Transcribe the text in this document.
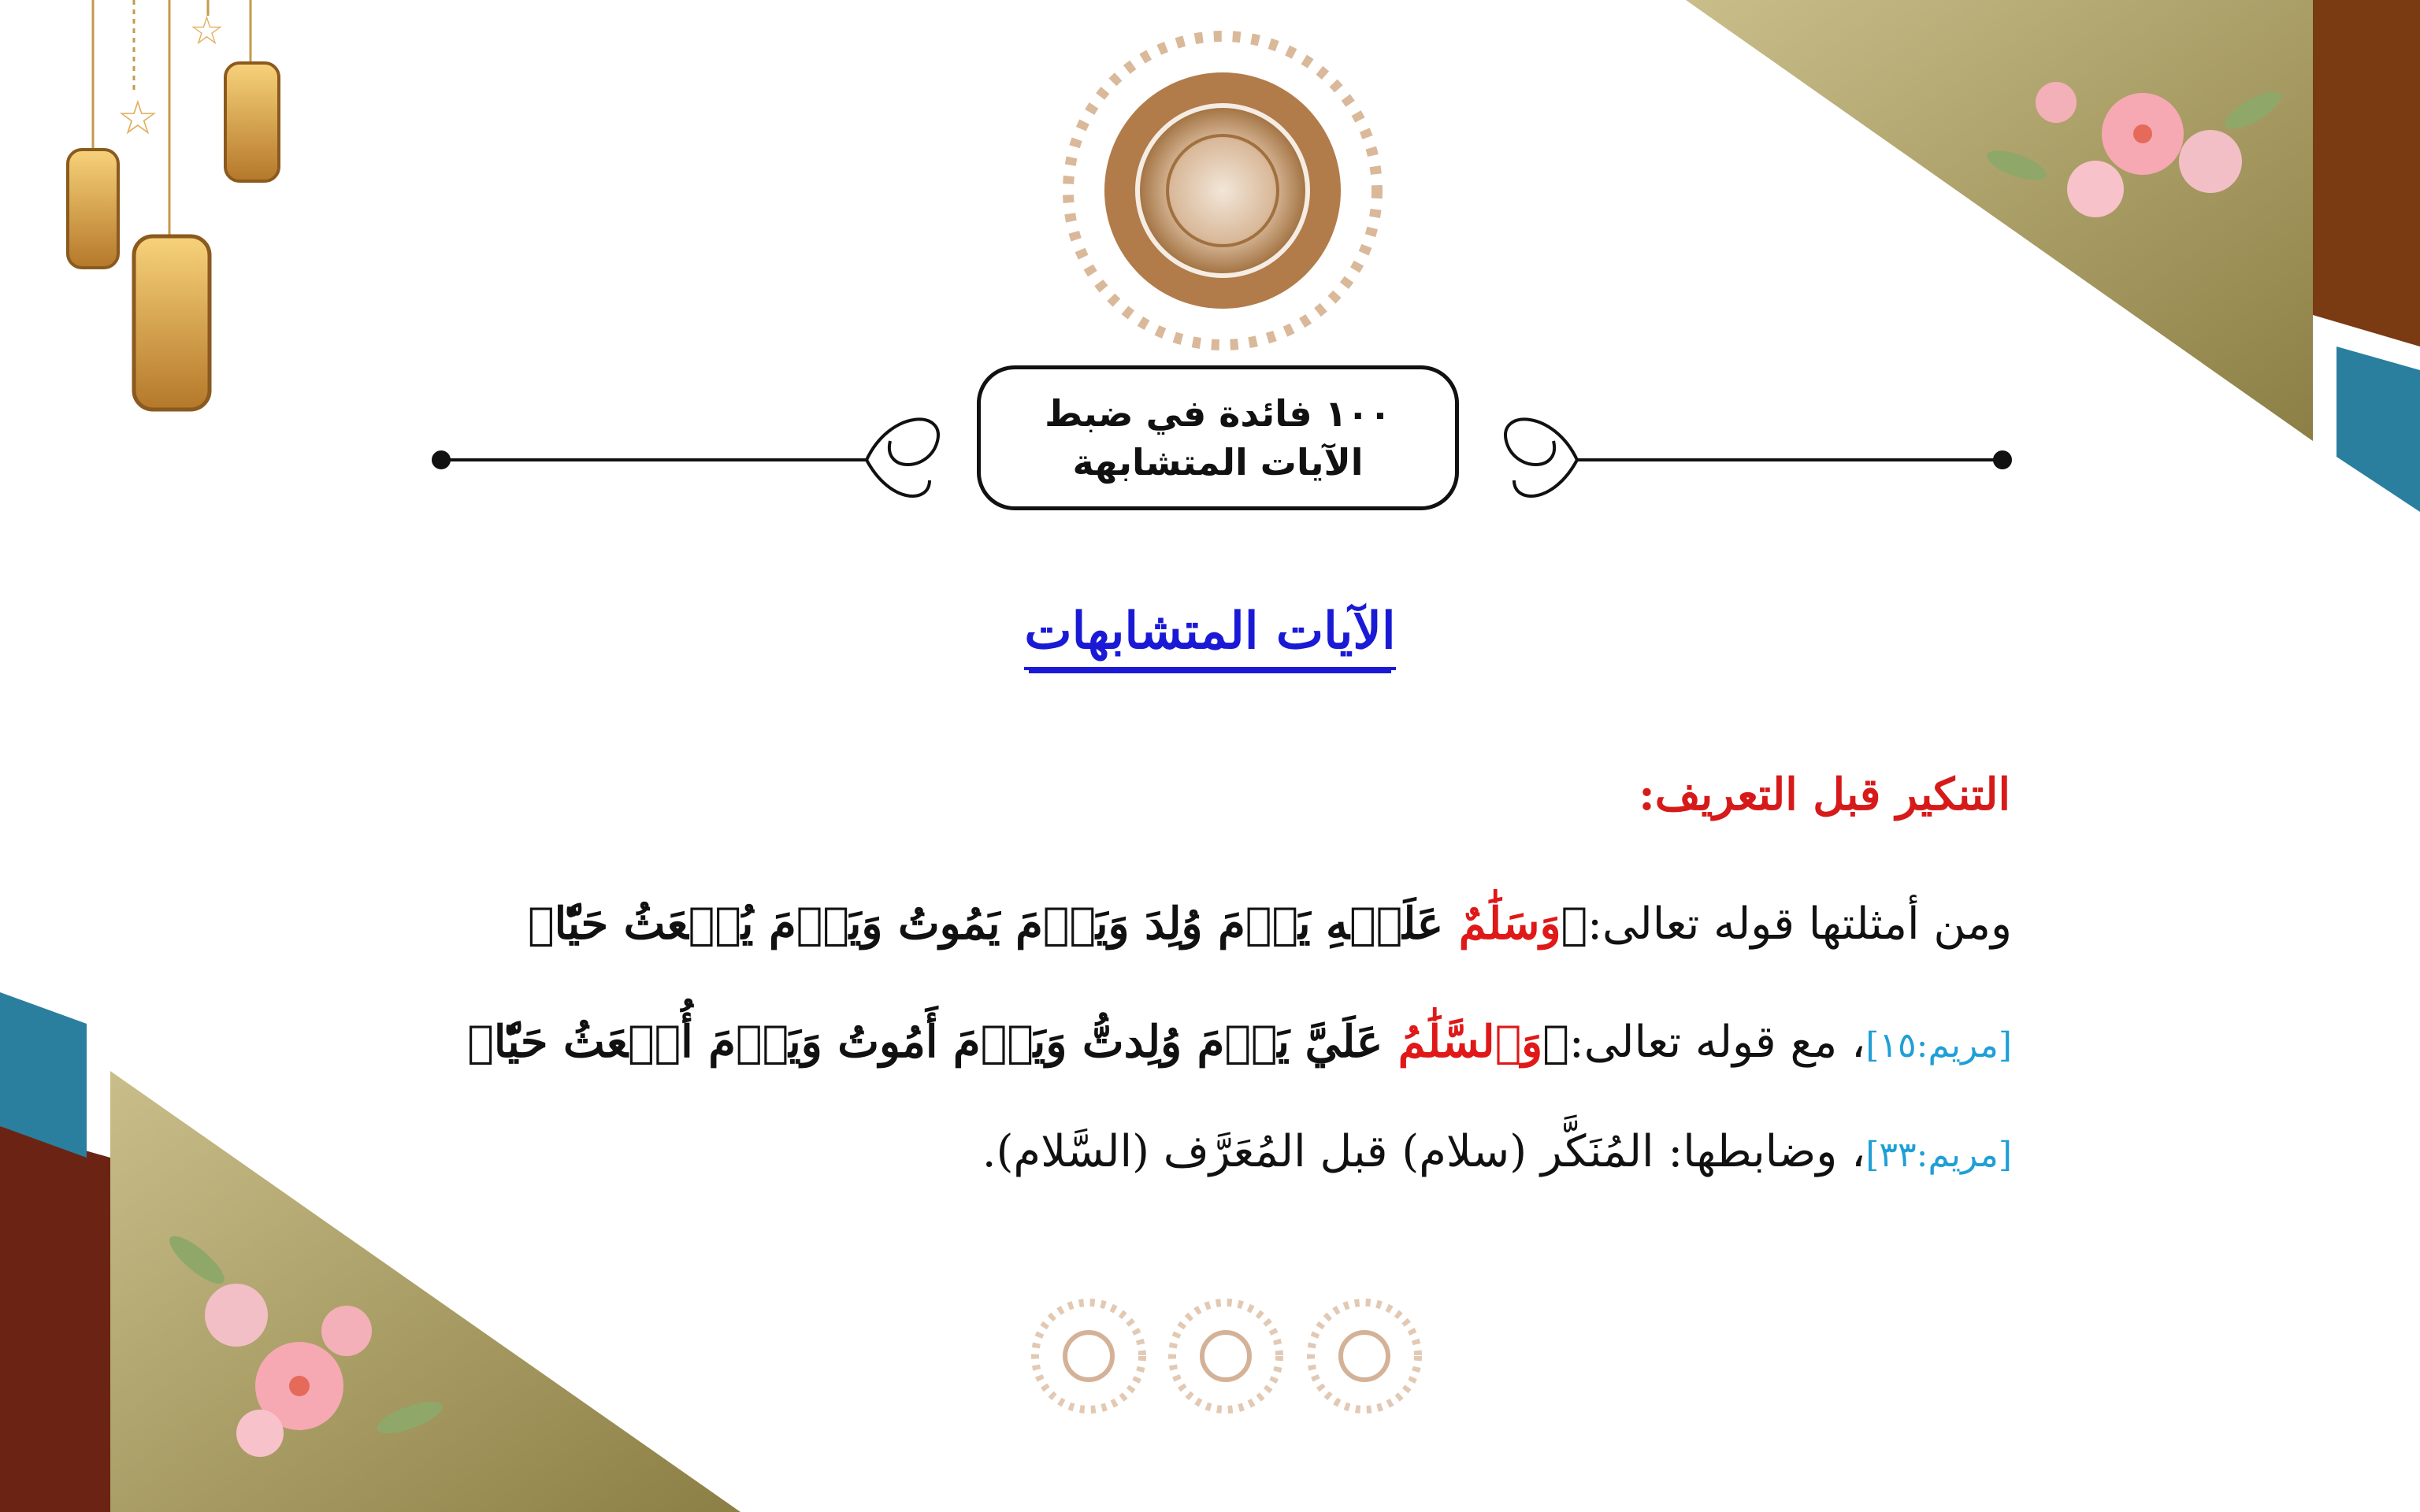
☆
☆
١٠٠ فائدة في ضبط
الآيات المتشابهة
الآيات المتشابهات
التنكير قبل التعريف:
ومن أمثلتها قوله تعالى:﴿وَسَلَٰمٌ عَلَيۡهِ يَوۡمَ وُلِدَ وَيَوۡمَ يَمُوتُ وَيَوۡمَ يُبۡعَثُ حَيّٗا﴾
[مريم:١٥]، مع قوله تعالى:﴿وَٱلسَّلَٰمُ عَلَيَّ يَوۡمَ وُلِدتُّ وَيَوۡمَ أَمُوتُ وَيَوۡمَ أُبۡعَثُ حَيّٗا﴾
[مريم:٣٣]، وضابطها: المُنَكَّر (سلام) قبل المُعَرَّف (السَّلام).
